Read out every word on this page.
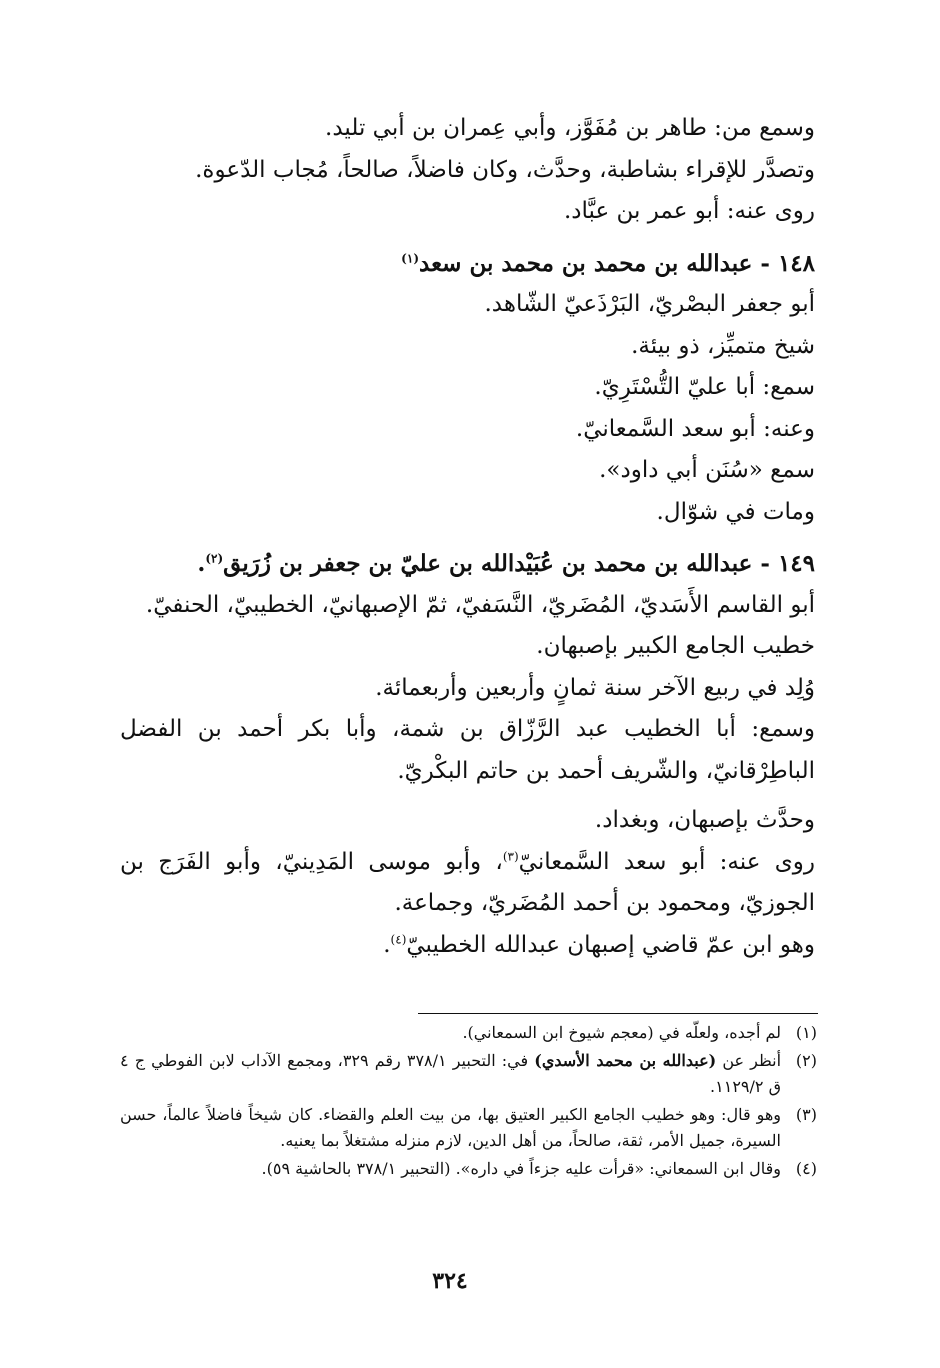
وسمع من: طاهر بن مُفَوَّز، وأبي عِمران بن أبي تليد.

وتصدَّر للإقراء بشاطبة، وحدَّث، وكان فاضلاً، صالحاً، مُجاب الدّعوة.

روى عنه: أبو عمر بن عبَّاد.

١٤٨ - عبدالله بن محمد بن محمد بن سعد$^{(١)}$

أبو جعفر البصْريّ، البَرْذَعيّ الشّاهد.

شيخ متميِّز، ذو بيئة.

سمع: أبا عليّ التُّسْتَرِيّ.

وعنه: أبو سعد السَّمعانيّ.

سمع «سُنَن أبي داود».

ومات في شوّال.

١٤٩ - عبدالله بن محمد بن عُبَيْدالله بن عليّ بن جعفر بن زُرَيق$^{(٢)}$.

أبو القاسم الأَسَديّ، المُضَريّ، النَّسَفيّ، ثمّ الإصبهانيّ، الخطيبيّ، الحنفيّ.

خطيب الجامع الكبير بإصبهان.

وُلِد في ربيع الآخر سنة ثمانٍ وأربعين وأربعمائة.

وسمع: أبا الخطيب عبد الرَّزّاق بن شمة، وأبا بكر أحمد بن الفضل الباطِرْقانيّ، والشّريف أحمد بن حاتم البكْريّ.

وحدَّث بإصبهان، وبغداد.

روى عنه: أبو سعد السَّمعانيّ$^{(٣)}$، وأبو موسى المَدِينيّ، وأبو الفَرَج بن الجوزيّ، ومحمود بن أحمد المُضَريّ، وجماعة.

وهو ابن عمّ قاضي إصبهان عبدالله الخطيبيّ$^{(٤)}$.

(١)
لم أجده، ولعلّه في (معجم شيوخ ابن السمعاني).
(٢)
أنظر عن (عبدالله بن محمد الأسدي) في: التحبير ٣٧٨/١ رقم ٣٢٩، ومجمع الآداب لابن الفوطي ج ٤ ق ١١٢٩/٢.
(٣)
وهو قال: وهو خطيب الجامع الكبير العتيق بها، من بيت العلم والقضاء. كان شيخاً فاضلاً عالماً، حسن السيرة، جميل الأمر، ثقة، صالحاً، من أهل الدين، لازم منزله مشتغلاً بما يعنيه.
(٤)
وقال ابن السمعاني: «قرأت عليه جزءاً في داره». (التحبير ٣٧٨/١ بالحاشية ٥٩).
٣٢٤
